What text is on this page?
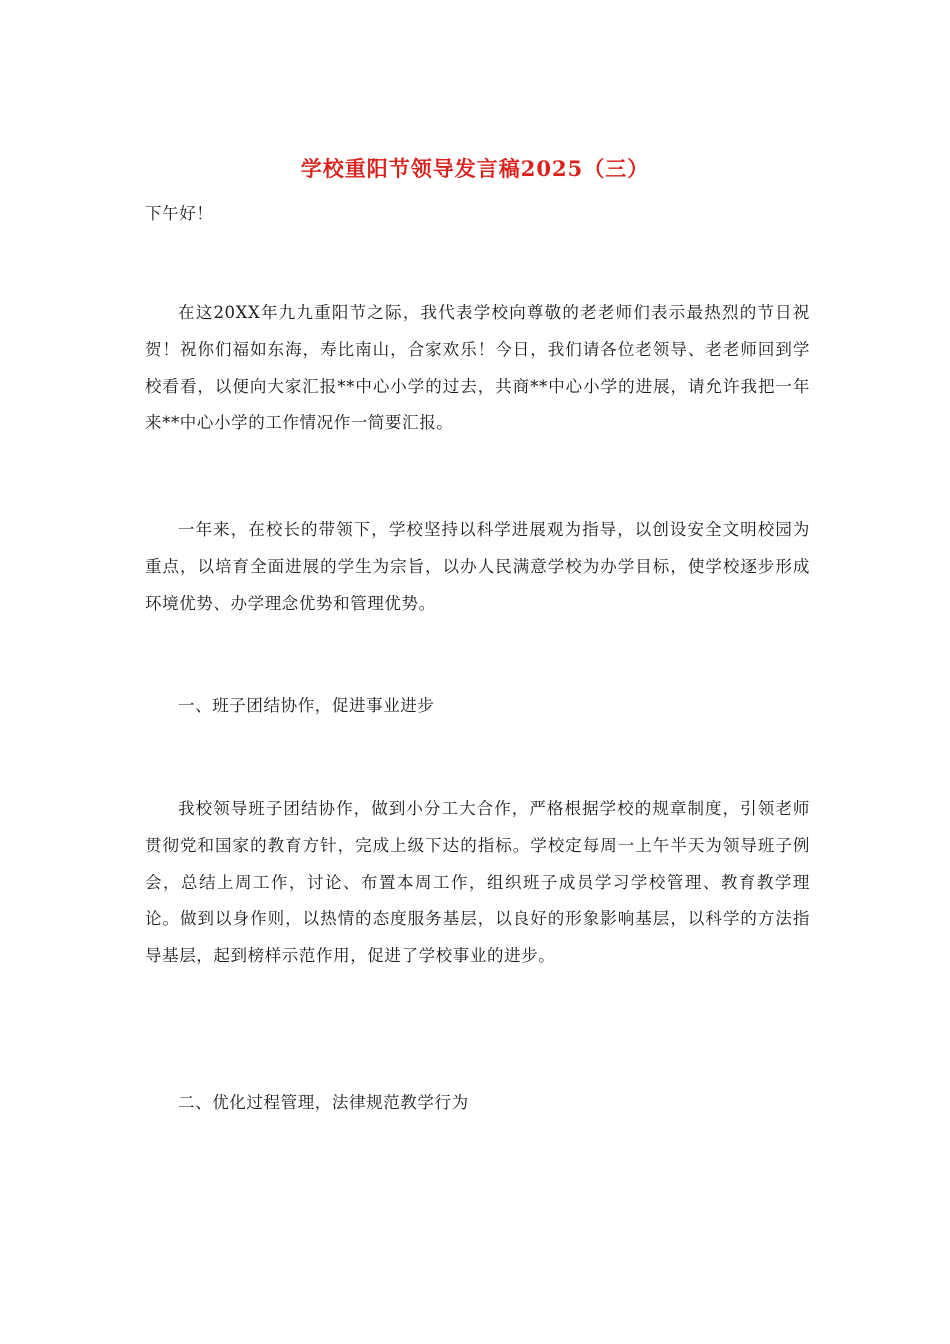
学校重阳节领导发言稿2025（三）

下午好！

在这20XX年九九重阳节之际，我代表学校向尊敬的老老师们表示最热烈的节日祝贺！祝你们福如东海，寿比南山，合家欢乐！今日，我们请各位老领导、老老师回到学校看看，以便向大家汇报**中心小学的过去，共商**中心小学的进展，请允许我把一年来**中心小学的工作情况作一简要汇报。

一年来，在校长的带领下，学校坚持以科学进展观为指导，以创设安全文明校园为重点，以培育全面进展的学生为宗旨，以办人民满意学校为办学目标，使学校逐步形成环境优势、办学理念优势和管理优势。

一、班子团结协作，促进事业进步

我校领导班子团结协作，做到小分工大合作，严格根据学校的规章制度，引领老师贯彻党和国家的教育方针，完成上级下达的指标。学校定每周一上午半天为领导班子例会，总结上周工作，讨论、布置本周工作，组织班子成员学习学校管理、教育教学理论。做到以身作则，以热情的态度服务基层，以良好的形象影响基层，以科学的方法指导基层，起到榜样示范作用，促进了学校事业的进步。

二、优化过程管理，法律规范教学行为
